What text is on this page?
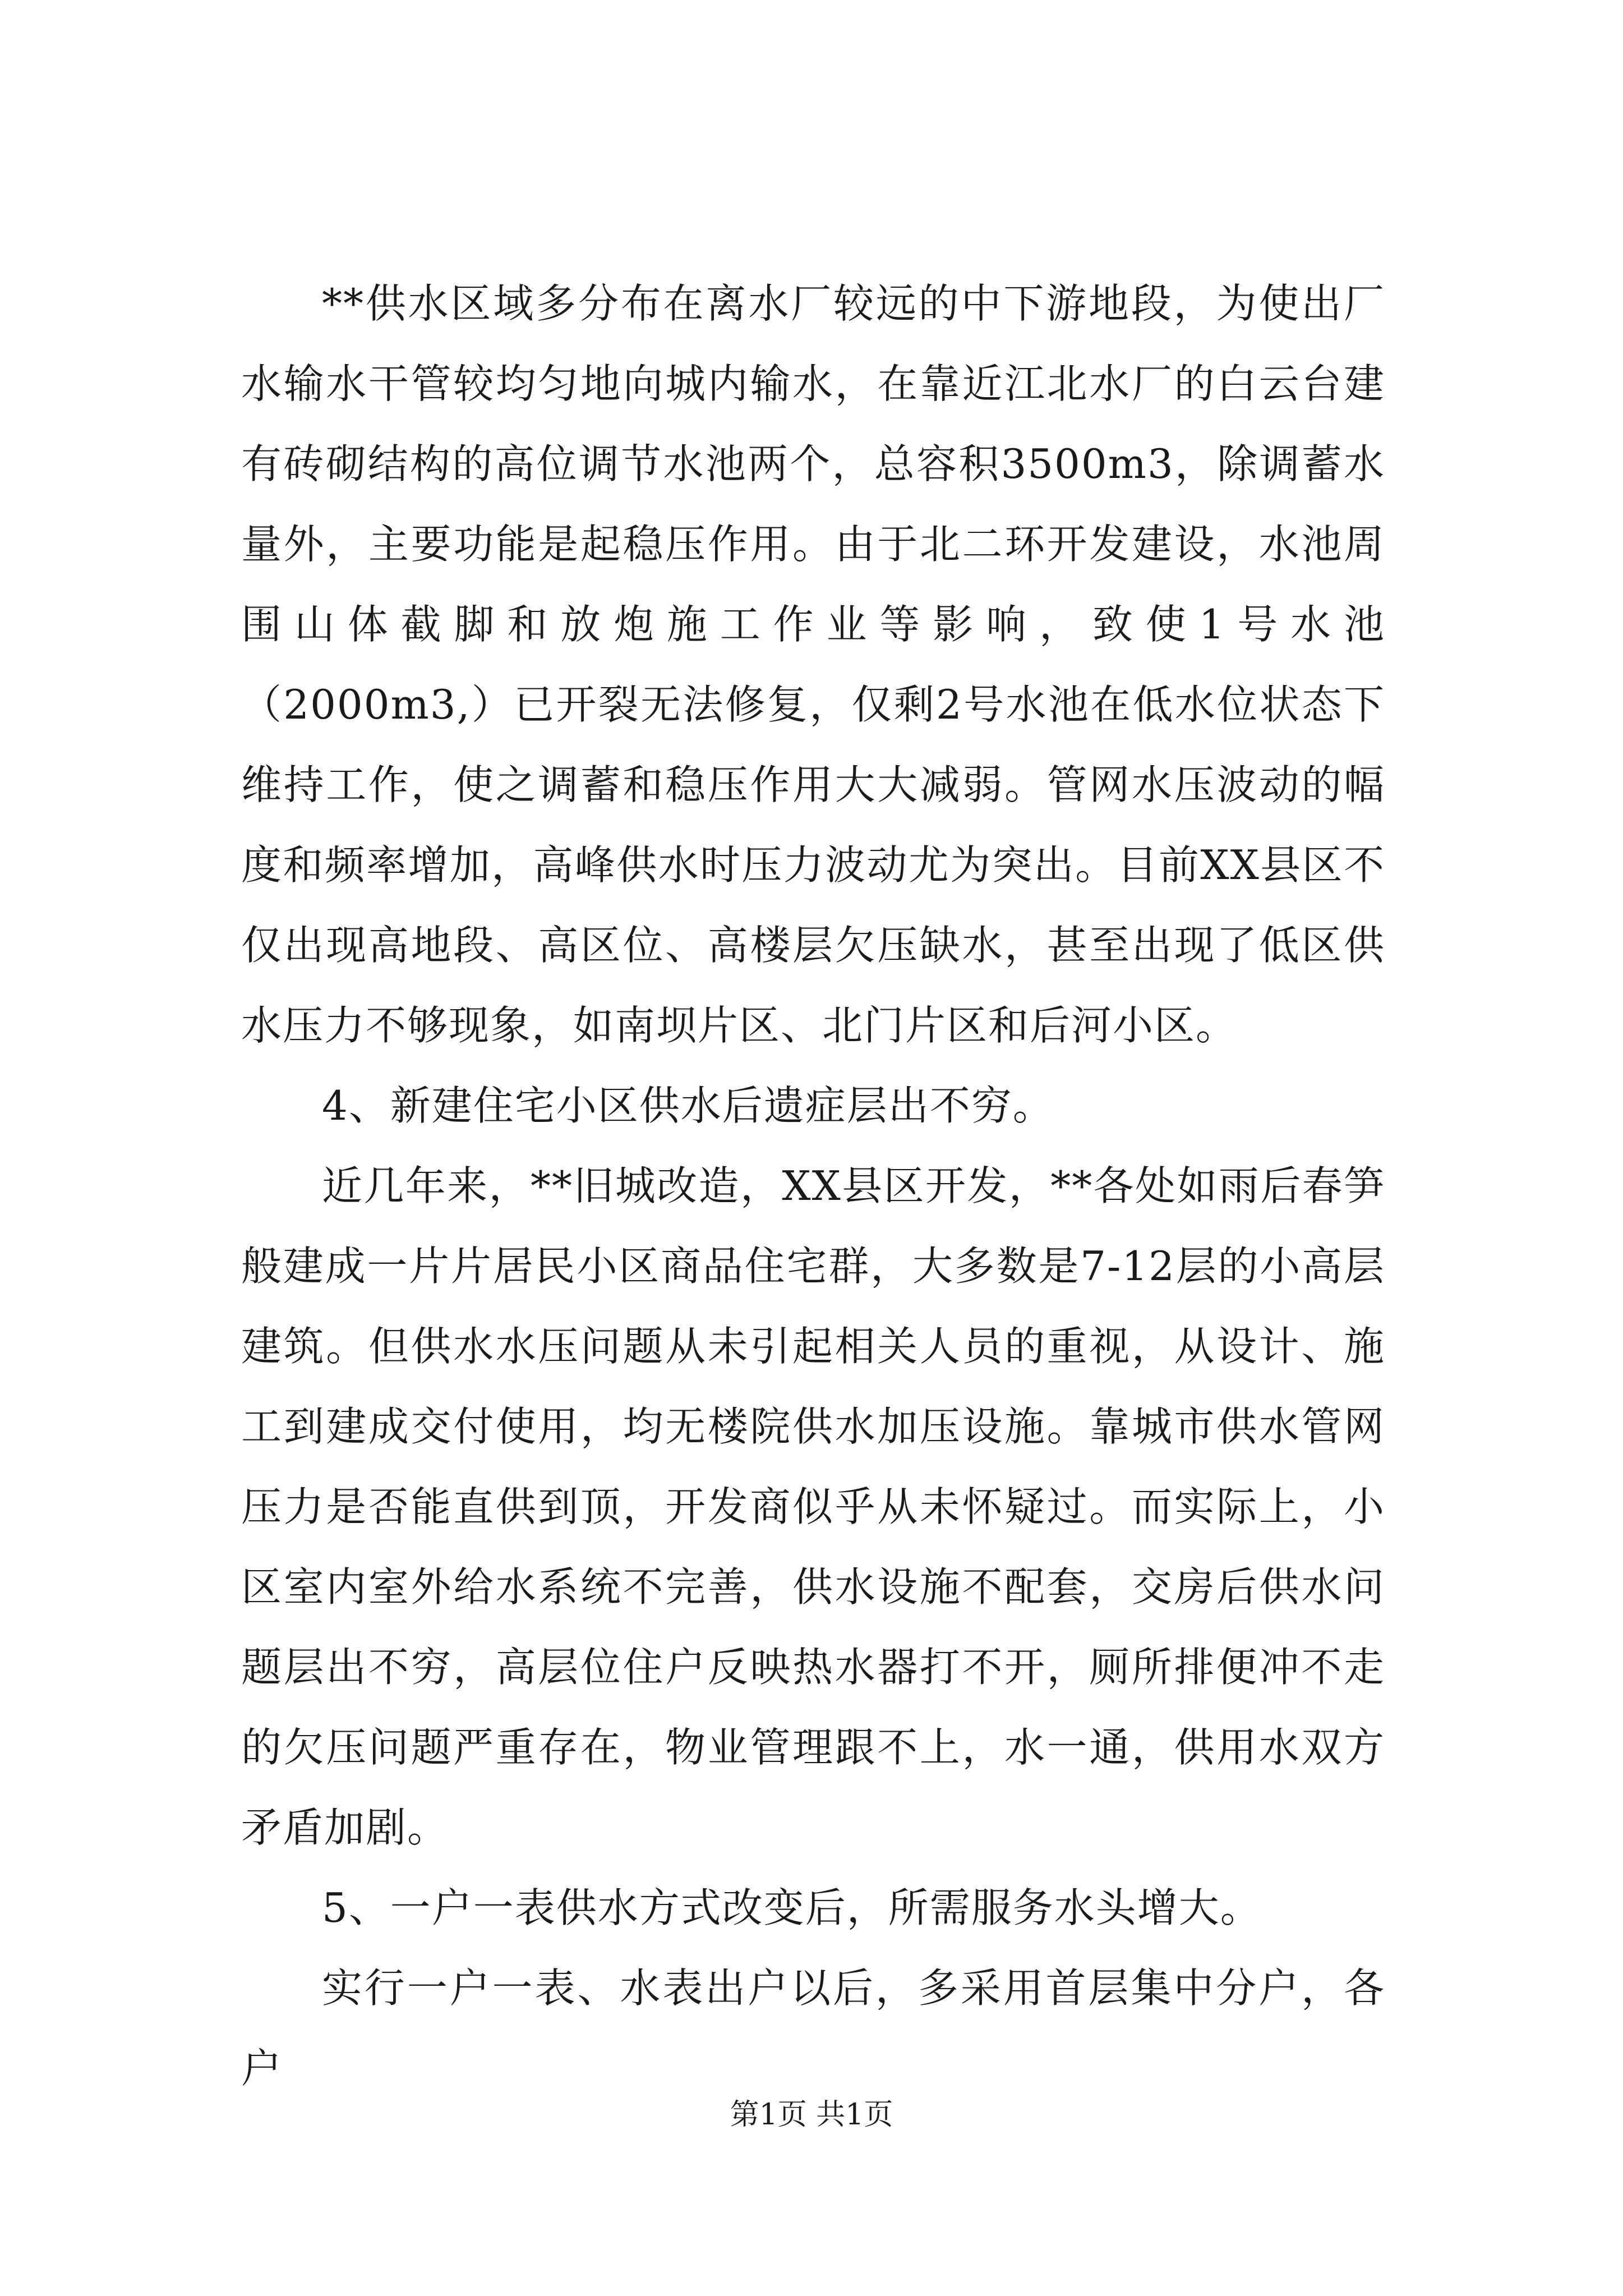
**供水区域多分布在离水厂较远的中下游地段，为使出厂水输水干管较均匀地向城内输水，在靠近江北水厂的白云台建有砖砌结构的高位调节水池两个，总容积3500m3，除调蓄水量外，主要功能是起稳压作用。由于北二环开发建设，水池周围山体截脚和放炮施工作业等影响，致使1号水池（2000m3,）已开裂无法修复，仅剩2号水池在低水位状态下维持工作，使之调蓄和稳压作用大大减弱。管网水压波动的幅度和频率增加，高峰供水时压力波动尤为突出。目前XX县区不仅出现高地段、高区位、高楼层欠压缺水，甚至出现了低区供水压力不够现象，如南坝片区、北门片区和后河小区。

4、新建住宅小区供水后遗症层出不穷。

近几年来，**旧城改造，XX县区开发，**各处如雨后春笋般建成一片片居民小区商品住宅群，大多数是7-12层的小高层建筑。但供水水压问题从未引起相关人员的重视，从设计、施工到建成交付使用，均无楼院供水加压设施。靠城市供水管网压力是否能直供到顶，开发商似乎从未怀疑过。而实际上，小区室内室外给水系统不完善，供水设施不配套，交房后供水问题层出不穷，高层位住户反映热水器打不开，厕所排便冲不走的欠压问题严重存在，物业管理跟不上，水一通，供用水双方矛盾加剧。

5、一户一表供水方式改变后，所需服务水头增大。

实行一户一表、水表出户以后，多采用首层集中分户，各户

第1页 共1页
